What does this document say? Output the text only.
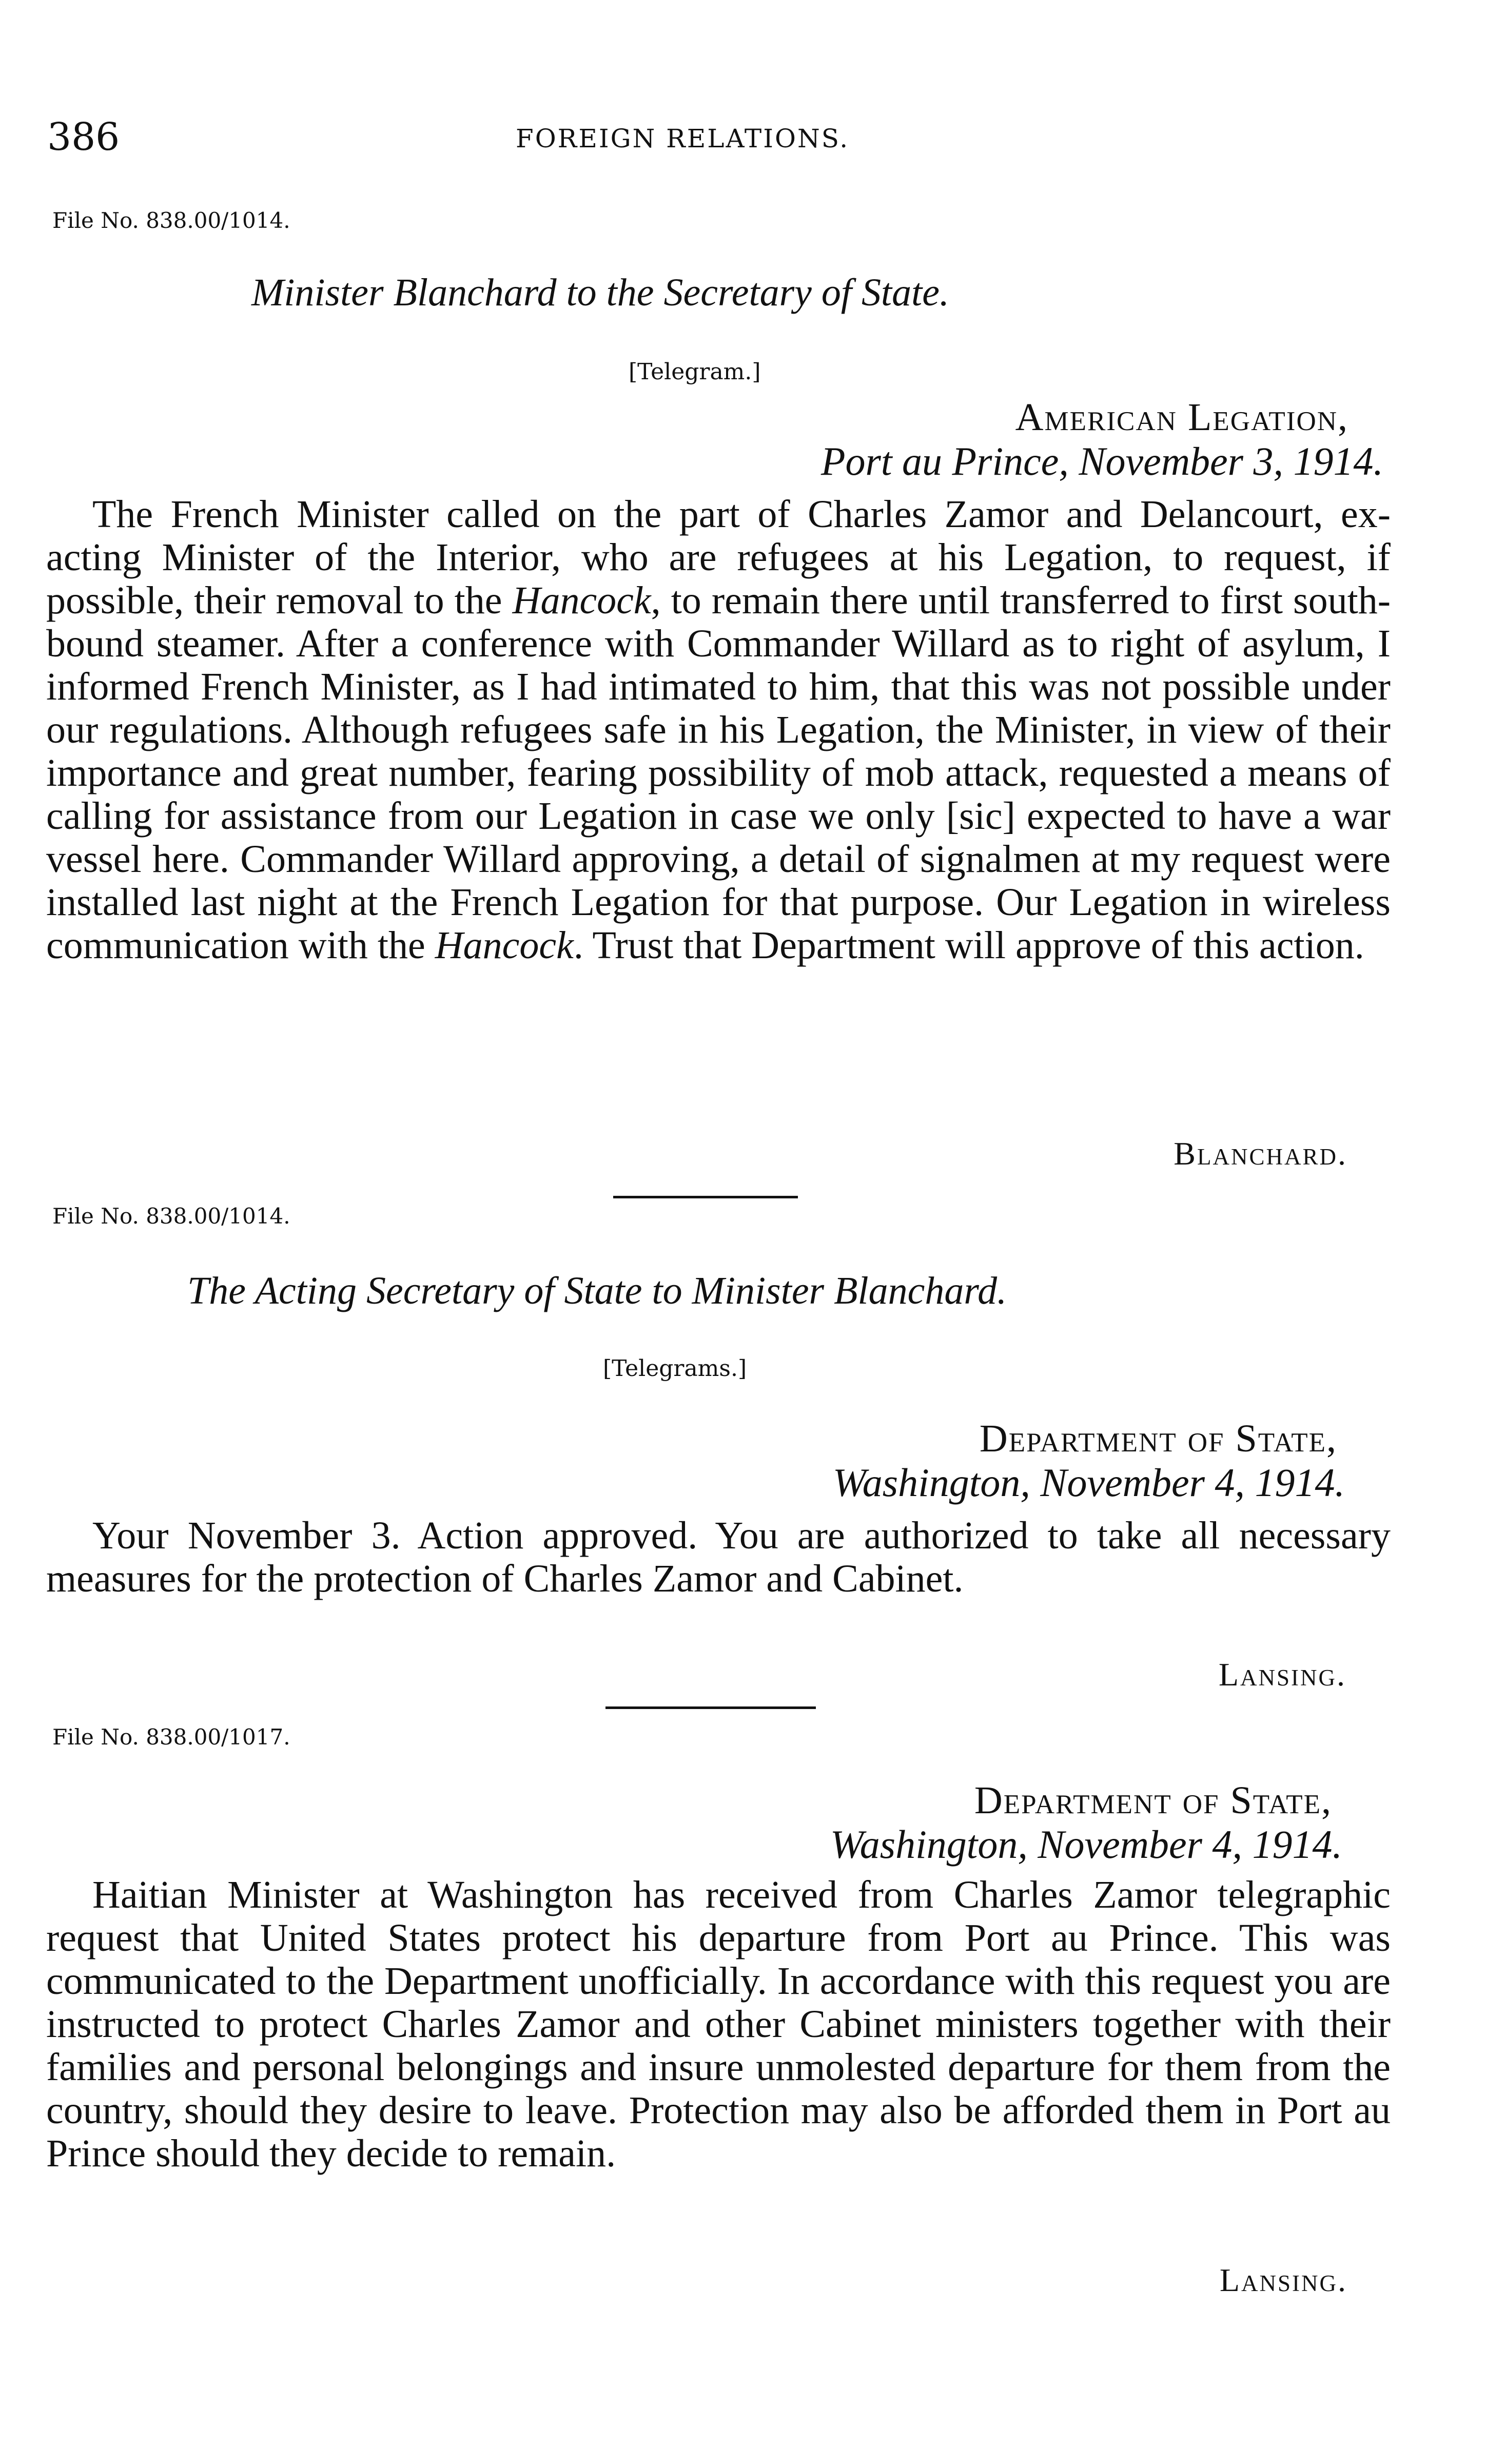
386	FOREIGN RELATIONS.
File No. 838.00/1014.
Minister Blanchard to the Secretary of State.
[Telegram.]
American Legation,
Port au Prince, November 3, 1914.
The French Minister called on the part of Charles Zamor and Delancourt, ex-acting Minister of the Interior, who are refugees at his Legation, to request, if possible, their removal to the Hancock, to remain there until transferred to first south-bound steamer. After a conference with Commander Willard as to right of asylum, I informed French Minister, as I had intimated to him, that this was not possible under our regulations. Although refugees safe in his Legation, the Minister, in view of their importance and great number, fearing possibility of mob attack, requested a means of calling for assistance from our Legation in case we only [sic] expected to have a war vessel here. Commander Willard approving, a detail of signalmen at my request were installed last night at the French Legation for that purpose. Our Legation in wireless communication with the Hancock. Trust that Department will approve of this action.
Blanchard.
File No. 838.00/1014.
The Acting Secretary of State to Minister Blanchard.
[Telegrams.]
Department of State,
Washington, November 4, 1914.
Your November 3. Action approved. You are authorized to take all necessary measures for the protection of Charles Zamor and Cabinet.
Lansing.
File No. 838.00/1017.
Department of State,
Washington, November 4, 1914.
Haitian Minister at Washington has received from Charles Zamor telegraphic request that United States protect his departure from Port au Prince. This was communicated to the Department unofficially. In accordance with this request you are instructed to protect Charles Zamor and other Cabinet ministers together with their families and personal belongings and insure unmolested departure for them from the country, should they desire to leave. Protection may also be afforded them in Port au Prince should they decide to remain.
Lansing.
